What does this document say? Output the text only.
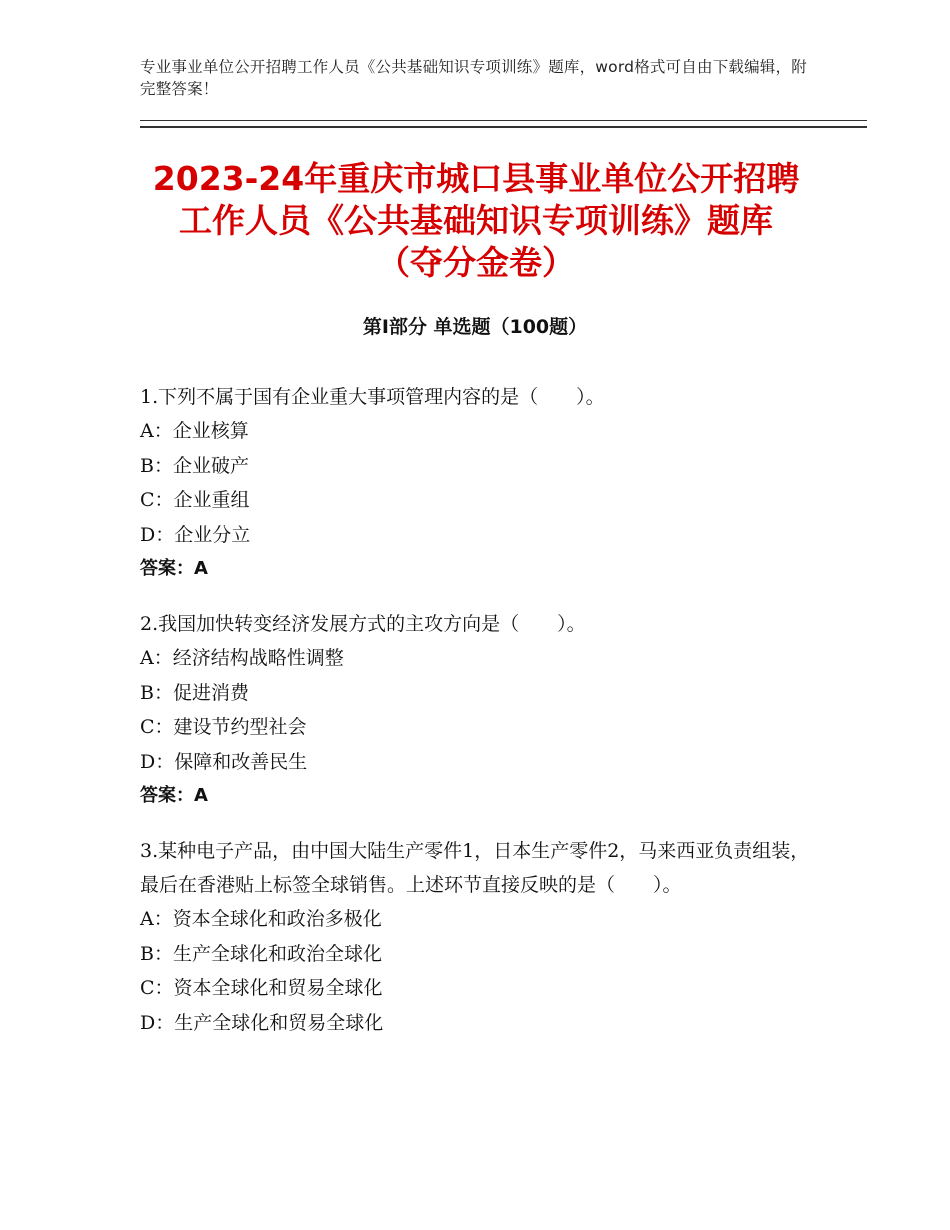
专业事业单位公开招聘工作人员《公共基础知识专项训练》题库，word格式可自由下载编辑，附完整答案！
2023-24年重庆市城口县事业单位公开招聘
工作人员《公共基础知识专项训练》题库
（夺分金卷）
第I部分 单选题（100题）

1.下列不属于国有企业重大事项管理内容的是（　　）。

A：企业核算

B：企业破产

C：企业重组

D：企业分立

答案：A

2.我国加快转变经济发展方式的主攻方向是（　　）。

A：经济结构战略性调整

B：促进消费

C：建设节约型社会

D：保障和改善民生

答案：A

3.某种电子产品，由中国大陆生产零件1，日本生产零件2，马来西亚负责组装，最后在香港贴上标签全球销售。上述环节直接反映的是（　　）。

A：资本全球化和政治多极化

B：生产全球化和政治全球化

C：资本全球化和贸易全球化

D：生产全球化和贸易全球化
